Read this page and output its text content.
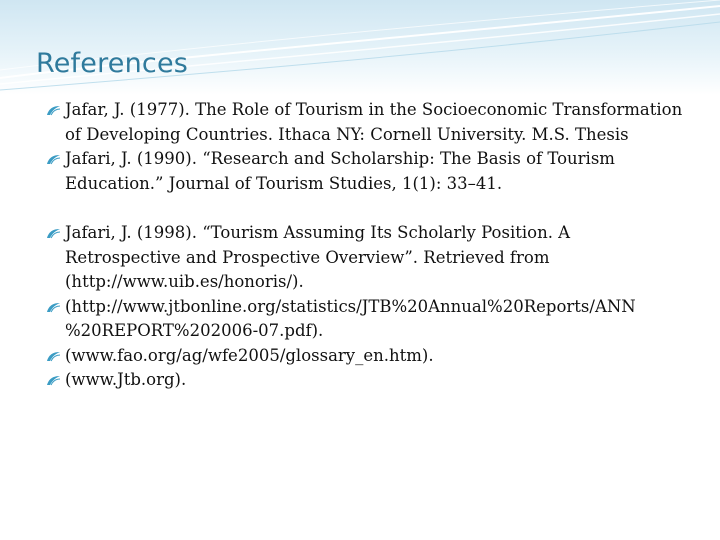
References
Jafar, J. (1977). The Role of Tourism in the Socioeconomic Transformation of Developing Countries. Ithaca NY: Cornell University. M.S. Thesis
Jafari, J. (1990). “Research and Scholarship: The Basis of Tourism Education.” Journal of Tourism Studies, 1(1): 33–41.
Jafari, J. (1998). “Tourism Assuming Its Scholarly Position. A Retrospective and Prospective Overview”. Retrieved from (http://www.uib.es/honoris/).
(http://www.jtbonline.org/statistics/JTB%20Annual%20Reports/ANN %20REPORT%202006-07.pdf).
(www.fao.org/ag/wfe2005/glossary_en.htm).
(www.Jtb.org).
